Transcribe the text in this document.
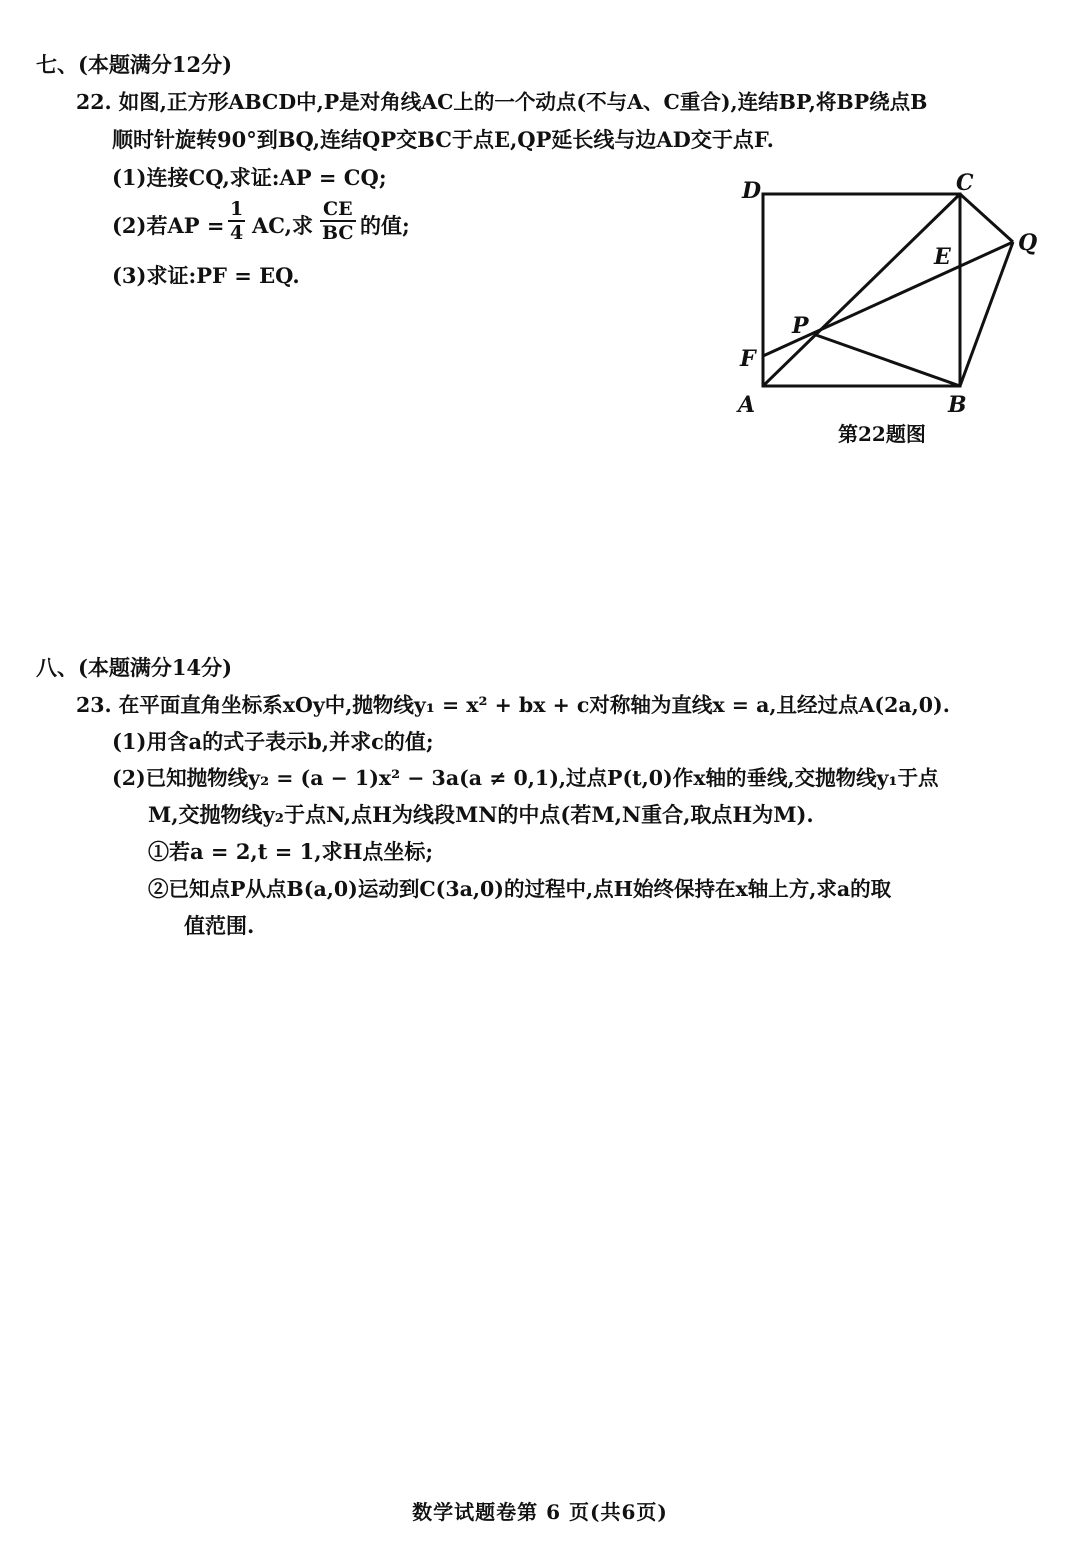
七、(本题满分12分)
22. 如图,正方形ABCD中,P是对角线AC上的一个动点(不与A、C重合),连结BP,将BP绕点B
顺时针旋转90°到BQ,连结QP交BC于点E,QP延长线与边AD交于点F.
(1)连接CQ,求证:AP = CQ;
(2)若AP = $\frac{1}{4}$ AC,求 $\frac{CE}{BC}$ 的值;
(3)求证:PF = EQ.
D	C
Q
E
P
F
A	B
第22题图
八、(本题满分14分)
23. 在平面直角坐标系xOy中,抛物线y₁ = x² + bx + c对称轴为直线x = a,且经过点A(2a,0).
(1)用含a的式子表示b,并求c的值;
(2)已知抛物线y₂ = (a − 1)x² − 3a(a ≠ 0,1),过点P(t,0)作x轴的垂线,交抛物线y₁于点
M,交抛物线y₂于点N,点H为线段MN的中点(若M,N重合,取点H为M).
①若a = 2,t = 1,求H点坐标;
②已知点P从点B(a,0)运动到C(3a,0)的过程中,点H始终保持在x轴上方,求a的取
值范围.
数学试题卷第 6 页(共6页)
